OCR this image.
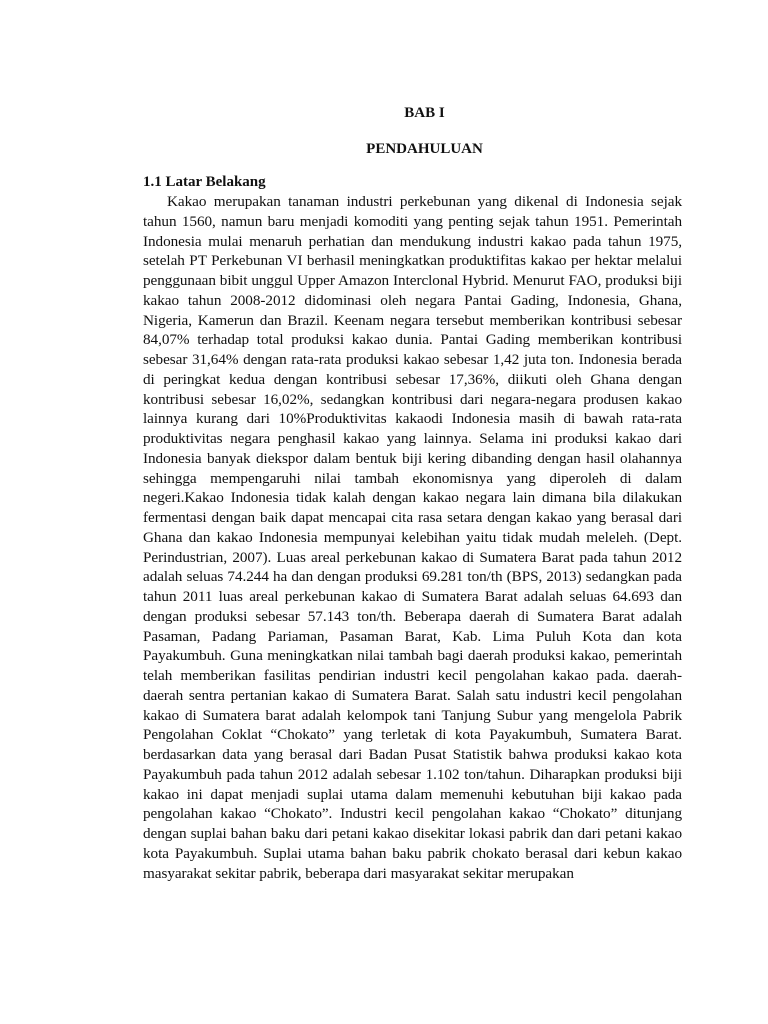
BAB I
PENDAHULUAN
1.1 Latar Belakang

Kakao merupakan tanaman industri perkebunan yang dikenal di Indonesia sejak tahun 1560, namun baru menjadi komoditi yang penting sejak tahun 1951. Pemerintah Indonesia mulai menaruh perhatian dan mendukung industri kakao pada tahun 1975, setelah PT Perkebunan VI berhasil meningkatkan produktifitas kakao per hektar melalui penggunaan bibit unggul Upper Amazon Interclonal Hybrid. Menurut FAO, produksi biji kakao tahun 2008-2012 didominasi oleh negara Pantai Gading, Indonesia, Ghana, Nigeria, Kamerun dan Brazil. Keenam negara tersebut memberikan kontribusi sebesar 84,07% terhadap total produksi kakao dunia. Pantai Gading memberikan kontribusi sebesar 31,64% dengan rata-rata produksi kakao sebesar 1,42 juta ton. Indonesia berada di peringkat kedua dengan kontribusi sebesar 17,36%, diikuti oleh Ghana dengan kontribusi sebesar 16,02%, sedangkan kontribusi dari negara-negara produsen kakao lainnya kurang dari 10%Produktivitas kakaodi Indonesia masih di bawah rata-rata produktivitas negara penghasil kakao yang lainnya. Selama ini produksi kakao dari Indonesia banyak diekspor dalam bentuk biji kering dibanding dengan hasil olahannya sehingga mempengaruhi nilai tambah ekonomisnya yang diperoleh di dalam negeri.Kakao Indonesia tidak kalah dengan kakao negara lain dimana bila dilakukan fermentasi dengan baik dapat mencapai cita rasa setara dengan kakao yang berasal dari Ghana dan kakao Indonesia mempunyai kelebihan yaitu tidak mudah meleleh. (Dept. Perindustrian, 2007). Luas areal perkebunan kakao di Sumatera Barat pada tahun 2012 adalah seluas 74.244 ha dan dengan produksi 69.281 ton/th (BPS, 2013) sedangkan pada tahun 2011 luas areal perkebunan kakao di Sumatera Barat adalah seluas 64.693 dan dengan produksi sebesar 57.143 ton/th. Beberapa daerah di Sumatera Barat adalah Pasaman, Padang Pariaman, Pasaman Barat, Kab. Lima Puluh Kota dan kota Payakumbuh. Guna meningkatkan nilai tambah bagi daerah produksi kakao, pemerintah telah memberikan fasilitas pendirian industri kecil pengolahan kakao pada. daerah-daerah sentra pertanian kakao di Sumatera Barat. Salah satu industri kecil pengolahan kakao di Sumatera barat adalah kelompok tani Tanjung Subur yang mengelola Pabrik Pengolahan Coklat “Chokato” yang terletak di kota Payakumbuh, Sumatera Barat. berdasarkan data yang berasal dari Badan Pusat Statistik bahwa produksi kakao kota Payakumbuh pada tahun 2012 adalah sebesar 1.102 ton/tahun. Diharapkan produksi biji kakao ini dapat menjadi suplai utama dalam memenuhi kebutuhan biji kakao pada pengolahan kakao “Chokato”. Industri kecil pengolahan kakao “Chokato” ditunjang dengan suplai bahan baku dari petani kakao disekitar lokasi pabrik dan dari petani kakao kota Payakumbuh. Suplai utama bahan baku pabrik chokato berasal dari kebun kakao masyarakat sekitar pabrik, beberapa dari masyarakat sekitar merupakan
